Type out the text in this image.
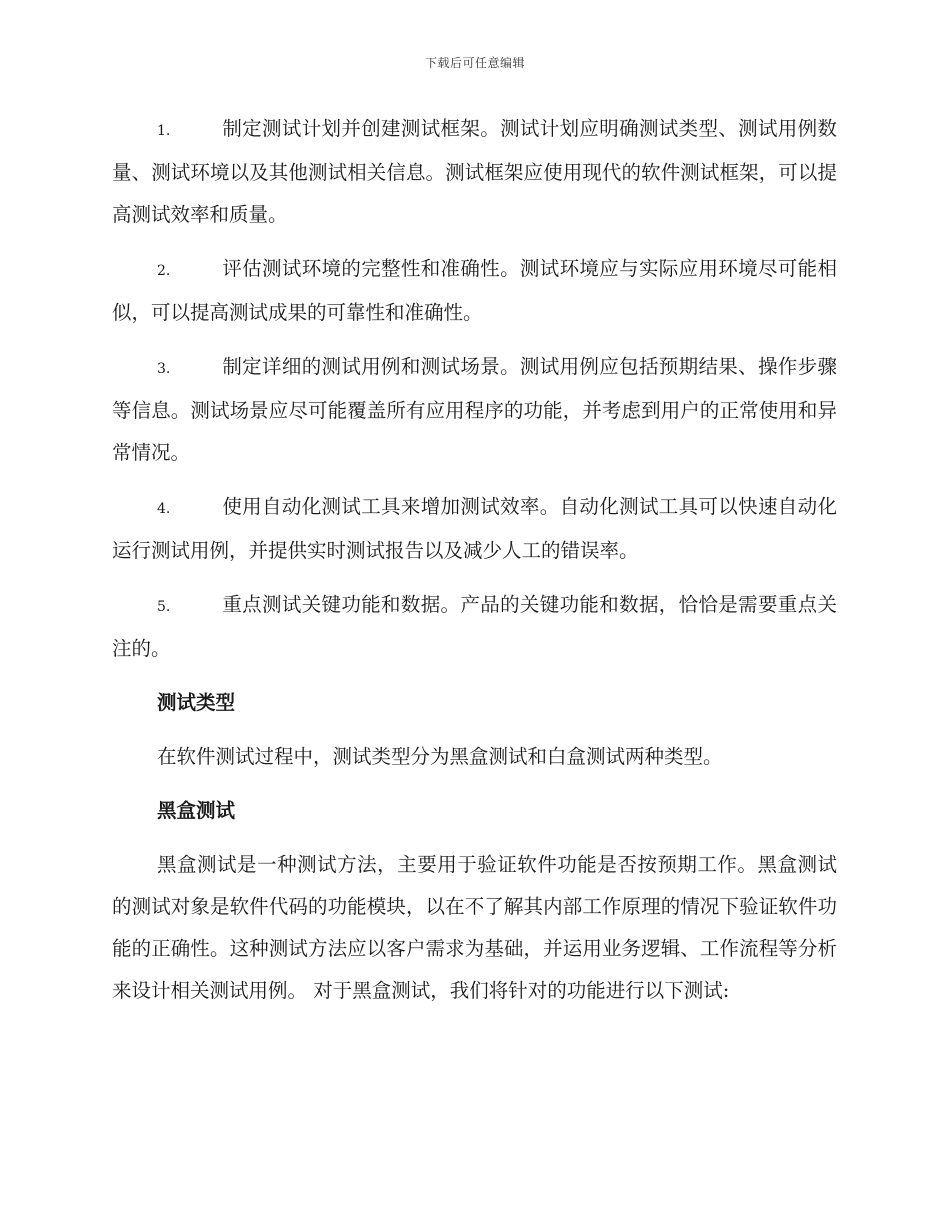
下载后可任意编辑

1.	制定测试计划并创建测试框架。测试计划应明确测试类型、测试用例数量、测试环境以及其他测试相关信息。测试框架应使用现代的软件测试框架，可以提高测试效率和质量。

2.	评估测试环境的完整性和准确性。测试环境应与实际应用环境尽可能相似，可以提高测试成果的可靠性和准确性。

3.	制定详细的测试用例和测试场景。测试用例应包括预期结果、操作步骤等信息。测试场景应尽可能覆盖所有应用程序的功能，并考虑到用户的正常使用和异常情况。

4.	使用自动化测试工具来增加测试效率。自动化测试工具可以快速自动化运行测试用例，并提供实时测试报告以及减少人工的错误率。

5.	重点测试关键功能和数据。产品的关键功能和数据，恰恰是需要重点关注的。

测试类型

在软件测试过程中，测试类型分为黑盒测试和白盒测试两种类型。

黑盒测试

黑盒测试是一种测试方法，主要用于验证软件功能是否按预期工作。黑盒测试的测试对象是软件代码的功能模块，以在不了解其内部工作原理的情况下验证软件功能的正确性。这种测试方法应以客户需求为基础，并运用业务逻辑、工作流程等分析来设计相关测试用例。 对于黑盒测试，我们将针对的功能进行以下测试:
